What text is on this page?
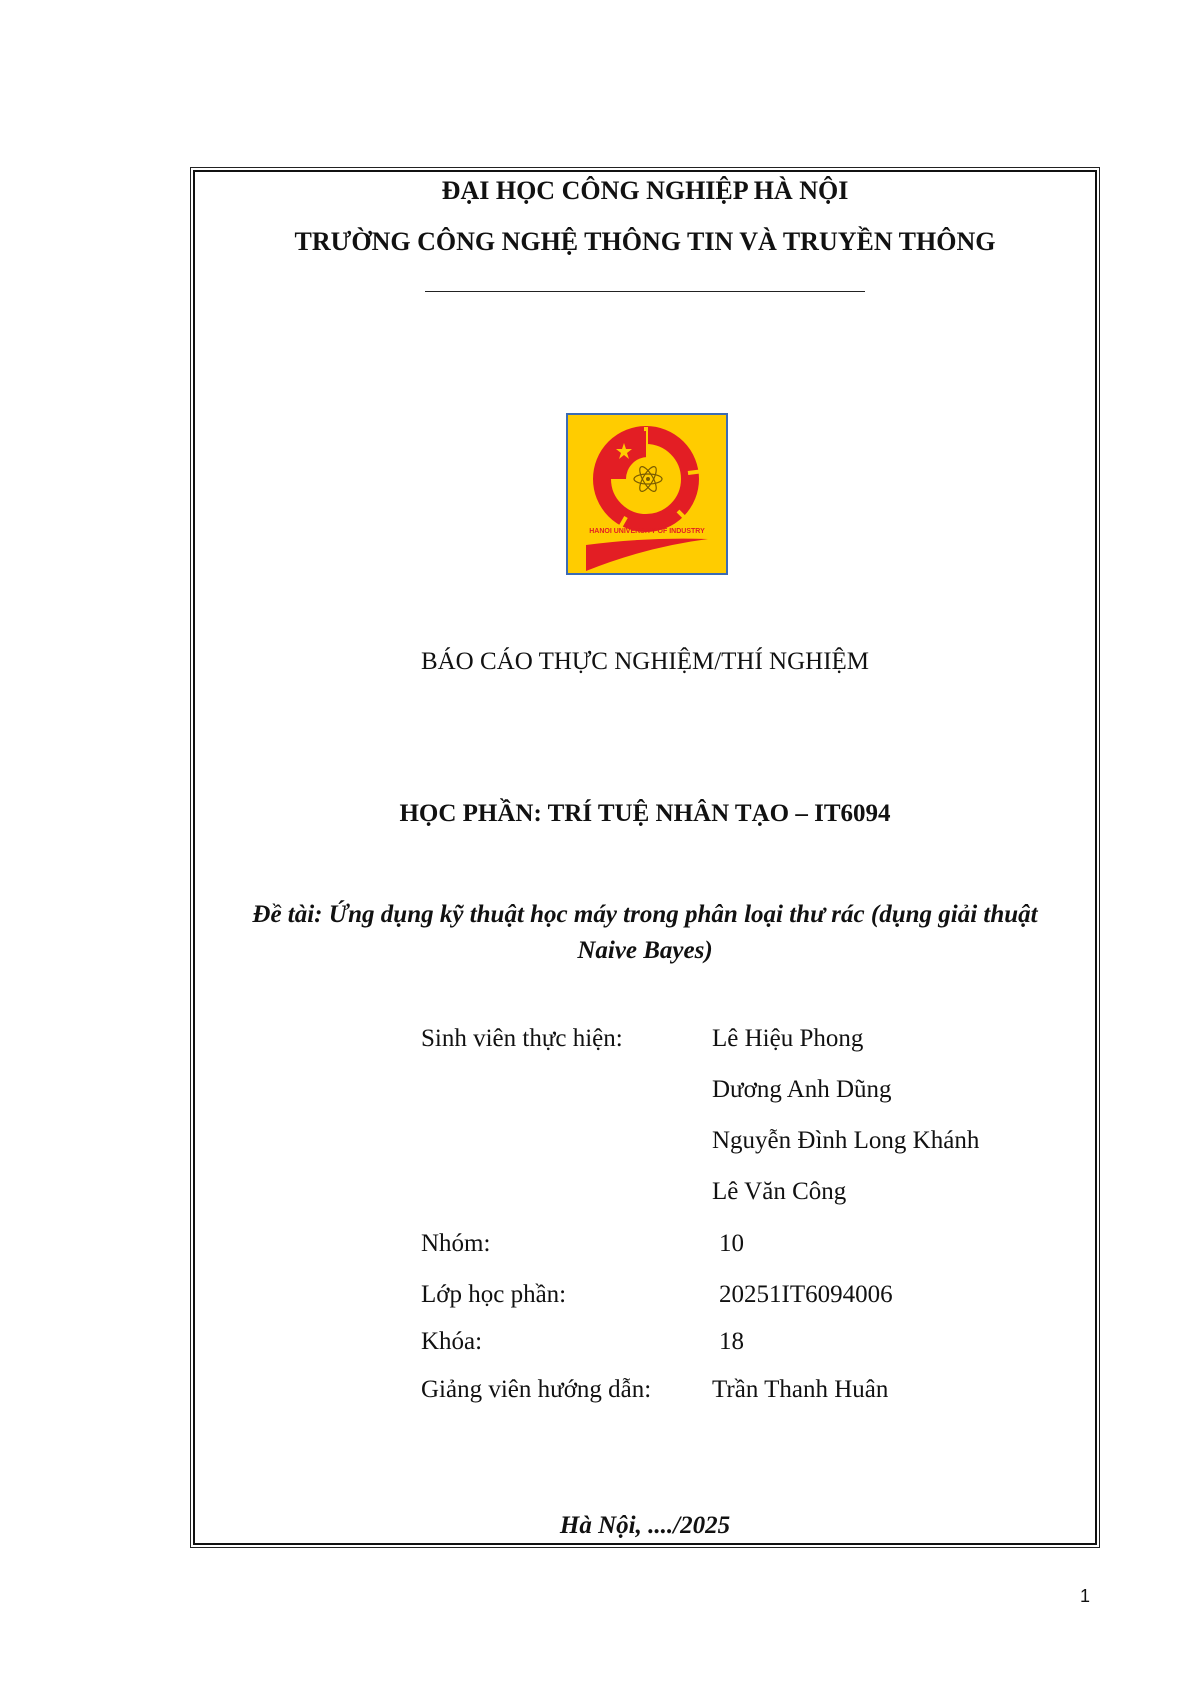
ĐẠI HỌC CÔNG NGHIỆP HÀ NỘI
TRƯỜNG CÔNG NGHỆ THÔNG TIN VÀ TRUYỀN THÔNG
HANOI UNIVERSITY OF INDUSTRY
BÁO CÁO THỰC NGHIỆM/THÍ NGHIỆM
HỌC PHẦN: TRÍ TUỆ NHÂN TẠO – IT6094
Đề tài: Ứng dụng kỹ thuật học máy trong phân loại thư rác (dụng giải thuật Naive Bayes)
Sinh viên thực hiện:	Lê Hiệu Phong
Dương Anh Dũng
Nguyễn Đình Long Khánh
Lê Văn Công
Nhóm:	10
Lớp học phần:	20251IT6094006
Khóa:	18
Giảng viên hướng dẫn: Trần Thanh Huân
Hà Nội, ..../2025
1
